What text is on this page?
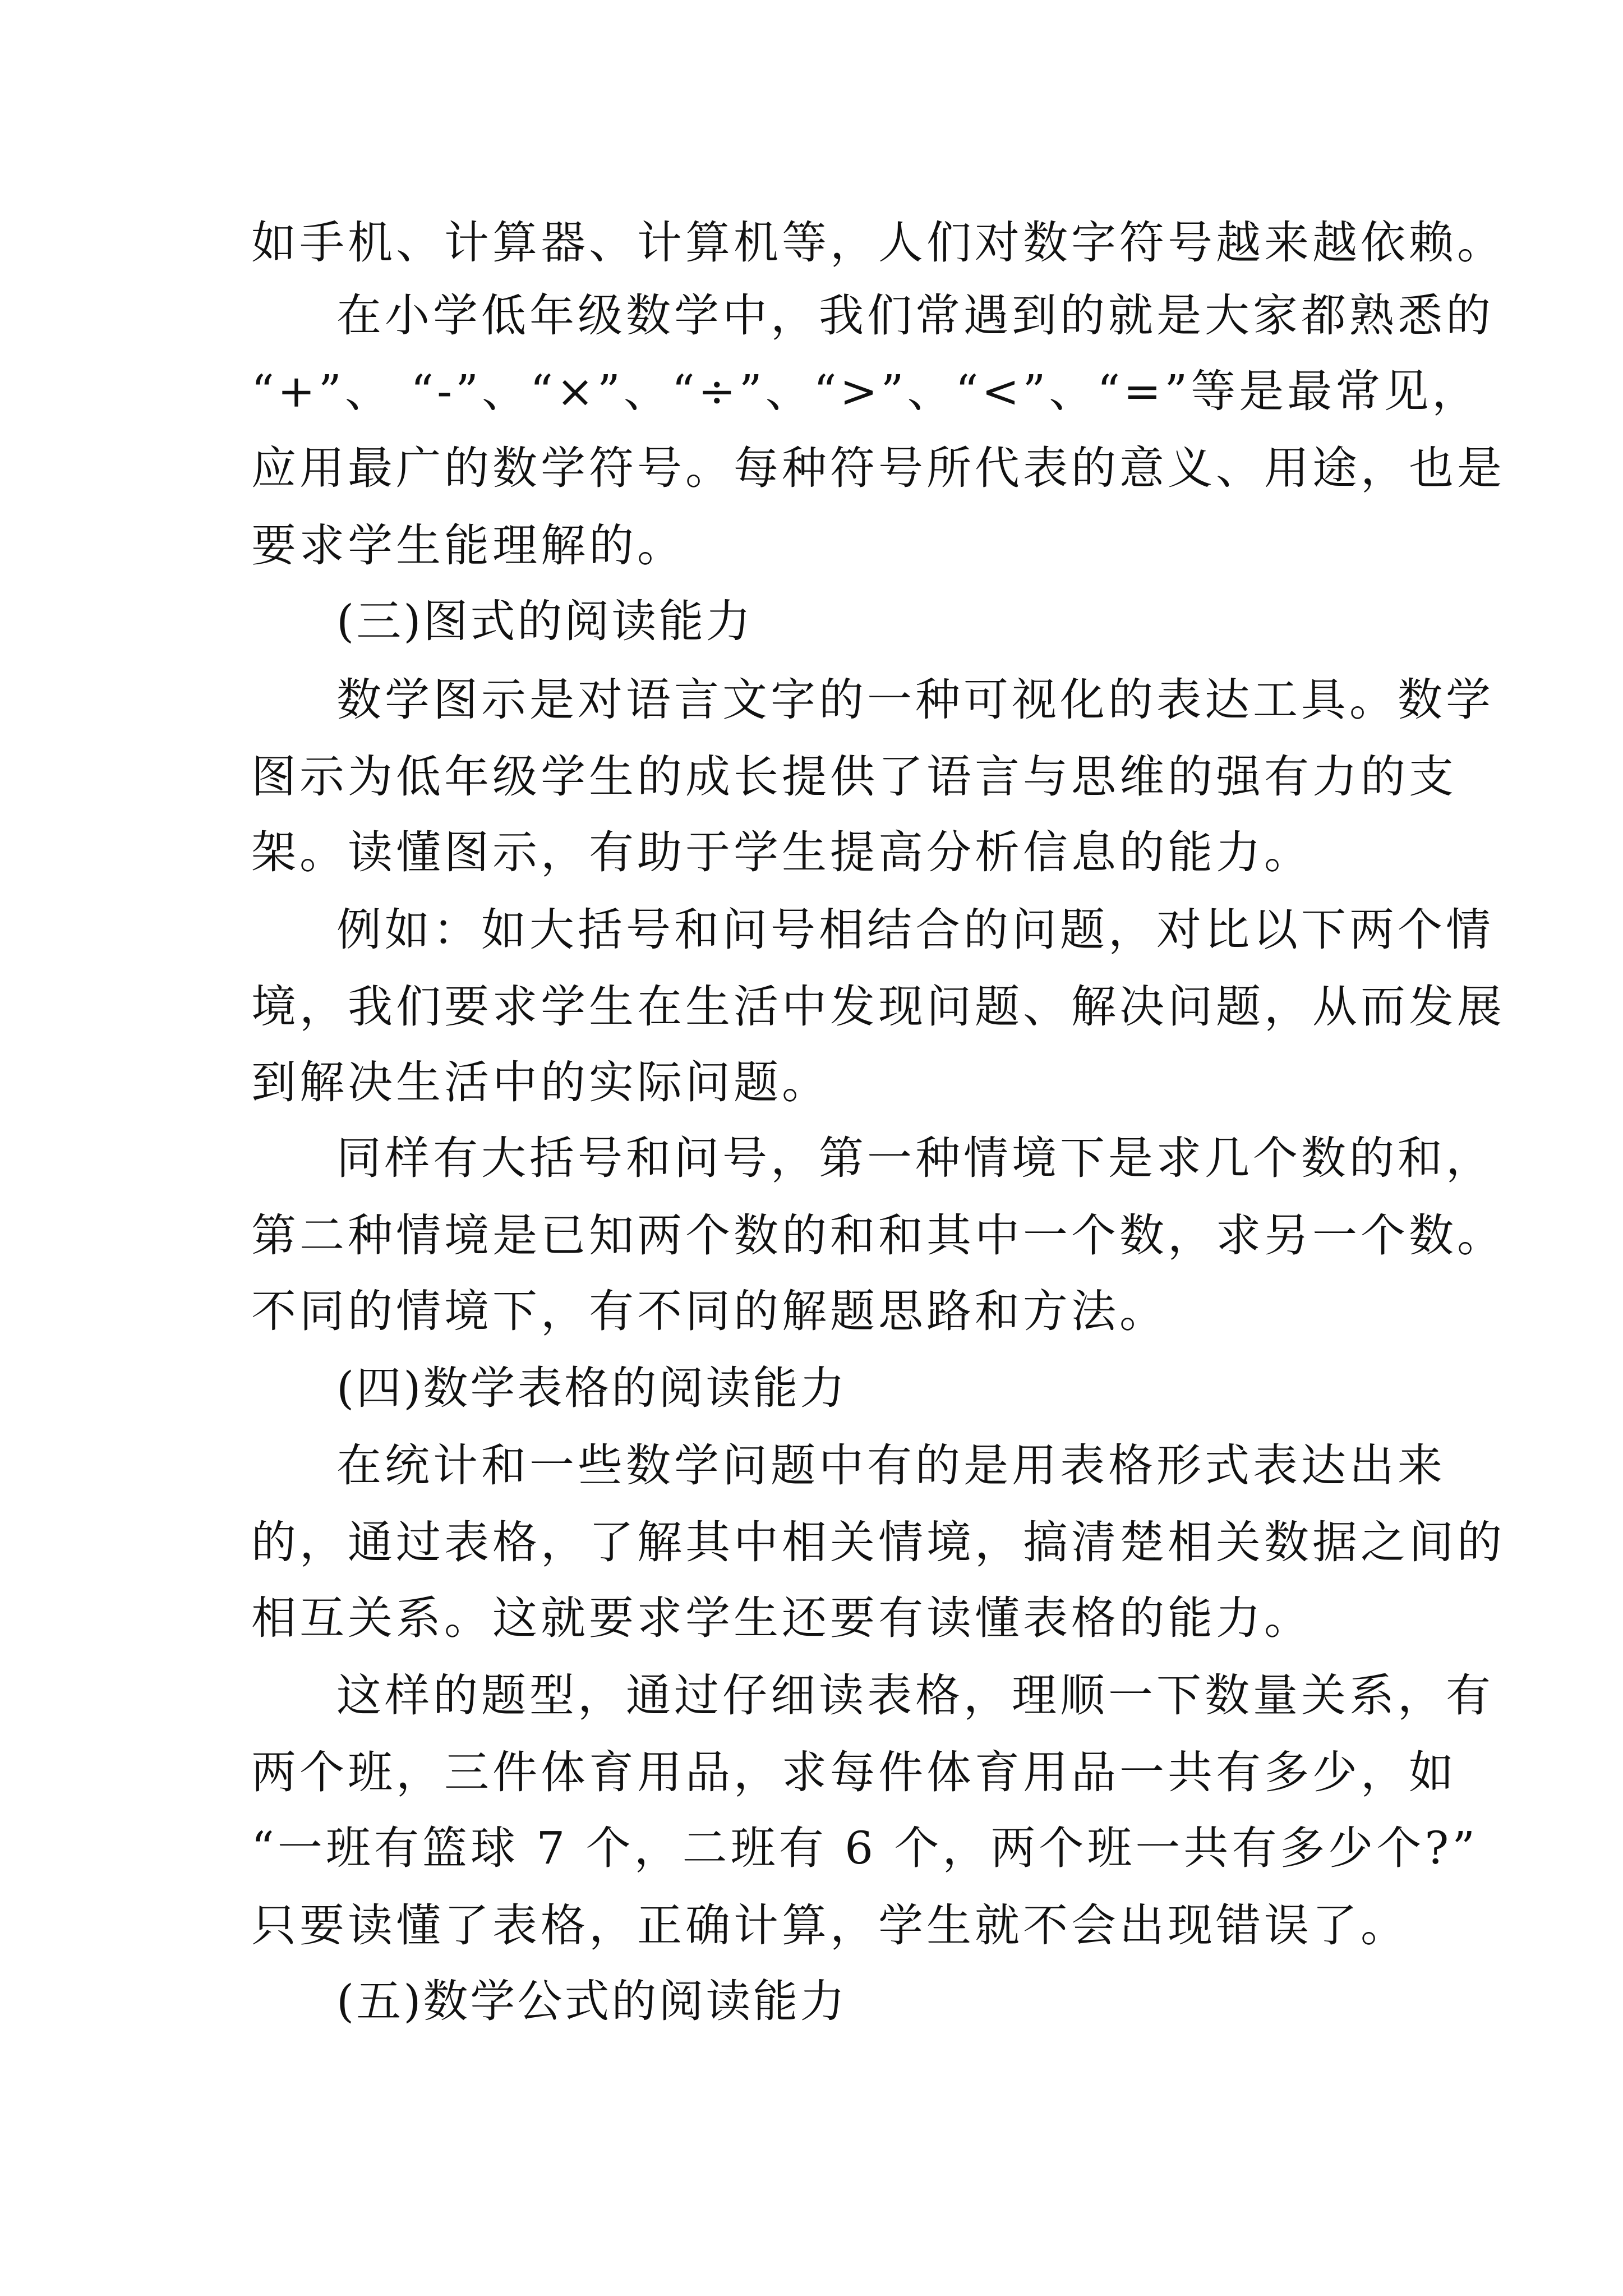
如手机、计算器、计算机等，人们对数字符号越来越依赖。
在小学低年级数学中，我们常遇到的就是大家都熟悉的
“+”、 “-”、“×”、“÷”、“>”、“<”、“=”等是最常见，
应用最广的数学符号。每种符号所代表的意义、用途，也是
要求学生能理解的。
(三)图式的阅读能力
数学图示是对语言文字的一种可视化的表达工具。数学
图示为低年级学生的成长提供了语言与思维的强有力的支
架。读懂图示，有助于学生提高分析信息的能力。
例如：如大括号和问号相结合的问题，对比以下两个情
境，我们要求学生在生活中发现问题、解决问题，从而发展
到解决生活中的实际问题。
同样有大括号和问号，第一种情境下是求几个数的和，
第二种情境是已知两个数的和和其中一个数，求另一个数。
不同的情境下，有不同的解题思路和方法。
(四)数学表格的阅读能力
在统计和一些数学问题中有的是用表格形式表达出来
的，通过表格，了解其中相关情境，搞清楚相关数据之间的
相互关系。这就要求学生还要有读懂表格的能力。
这样的题型，通过仔细读表格，理顺一下数量关系，有
两个班，三件体育用品，求每件体育用品一共有多少，如
“一班有篮球 7 个，二班有 6 个，两个班一共有多少个?”
只要读懂了表格，正确计算，学生就不会出现错误了。
(五)数学公式的阅读能力
